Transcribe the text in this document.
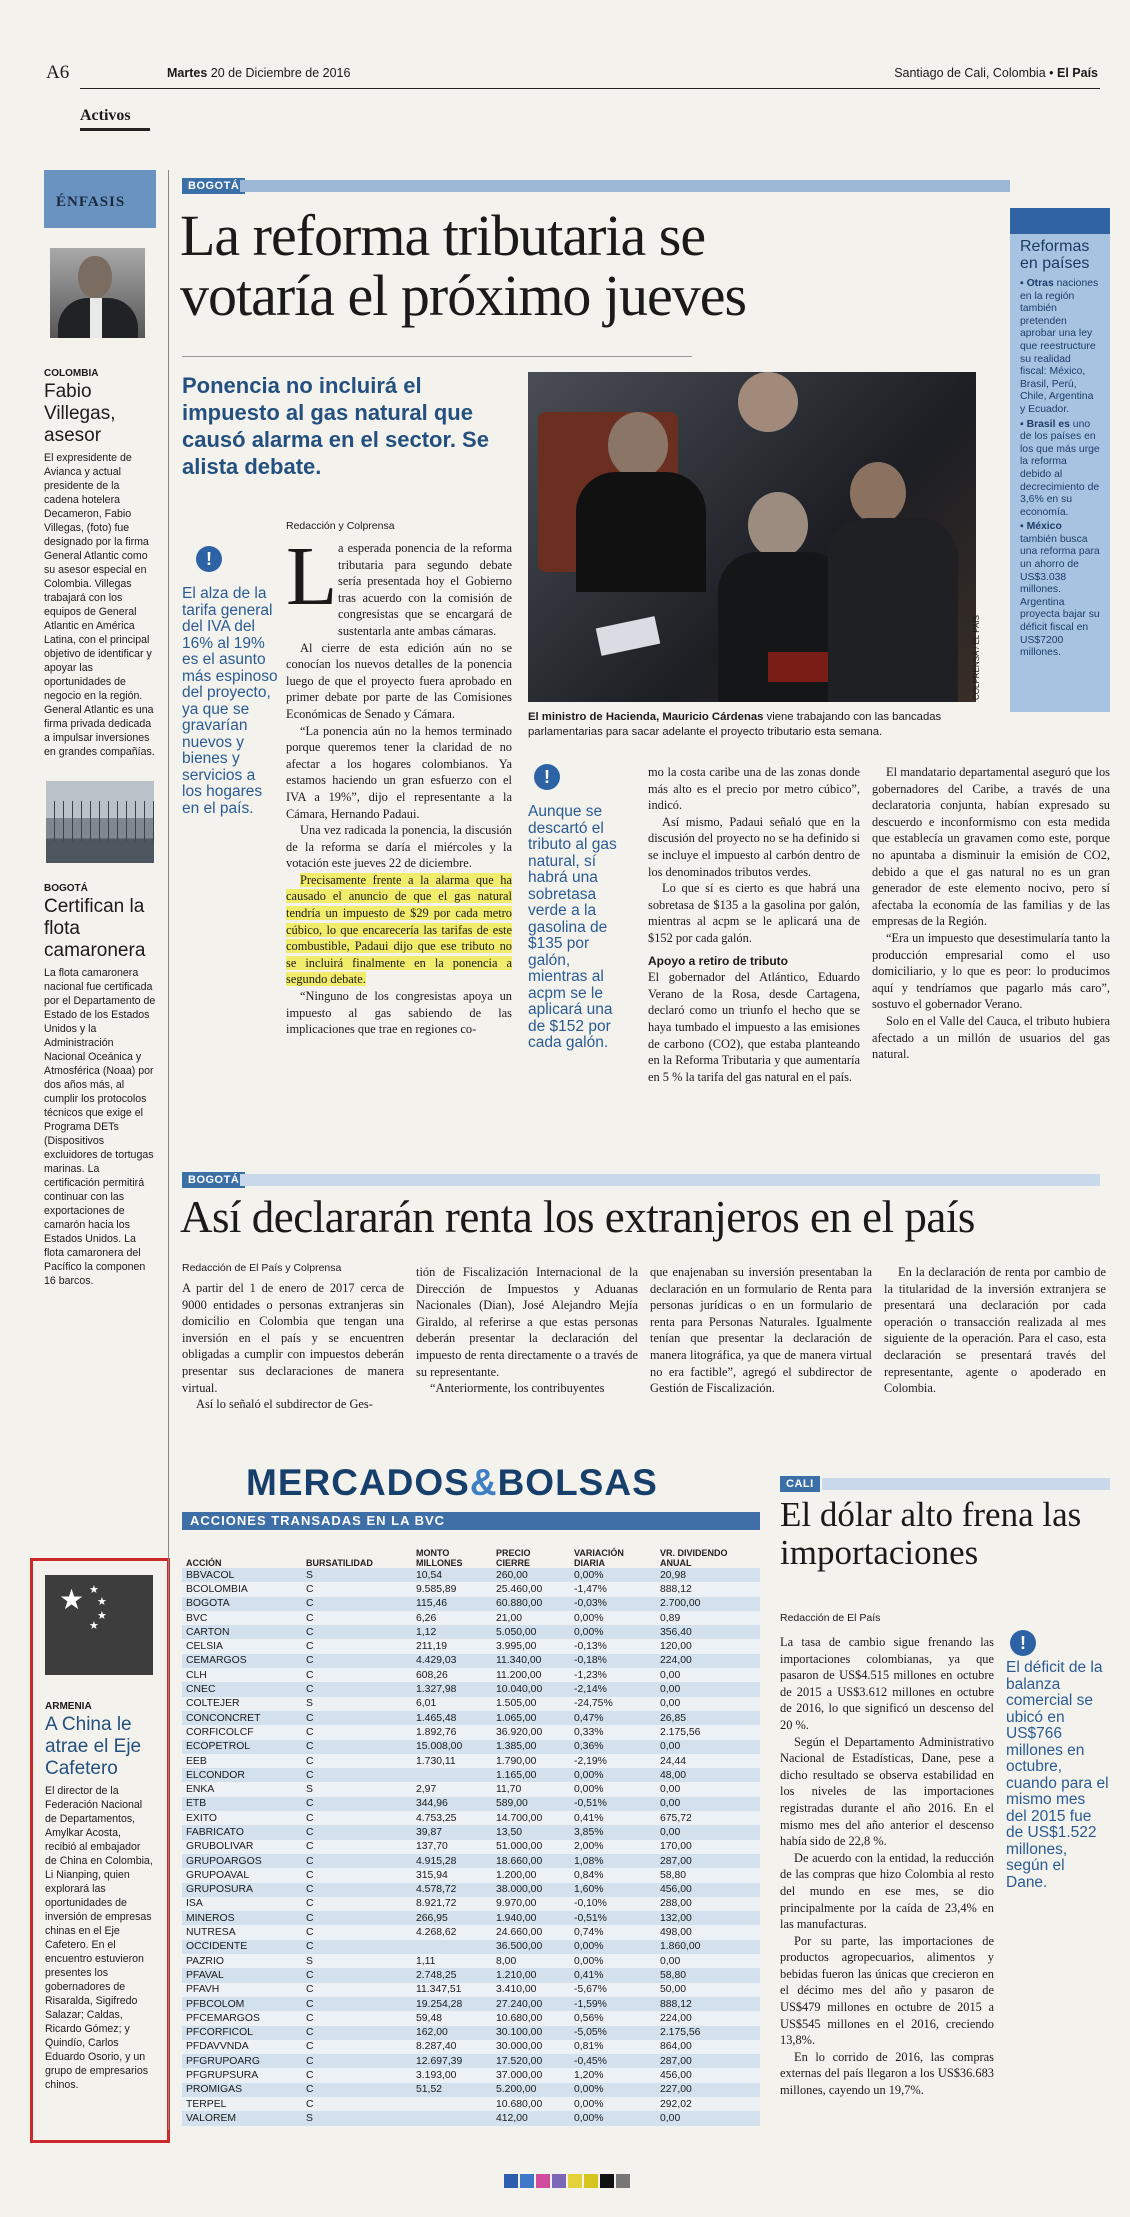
A6	Martes 20 de Diciembre de 2016	Santiago de Cali, Colombia • El País
Activos
ÉNFASIS
COLOMBIA
Fabio Villegas, asesor

El expresidente de Avianca y actual presidente de la cadena hotelera Decameron, Fabio Villegas, (foto) fue designado por la firma General Atlantic como su asesor especial en Colombia. Villegas trabajará con los equipos de General Atlantic en América Latina, con el principal objetivo de identificar y apoyar las oportunidades de negocio en la región. General Atlantic es una firma privada dedicada a impulsar inversiones en grandes compañías.

BOGOTÁ
Certifican la flota camaronera

La flota camaronera nacional fue certificada por el Departamento de Estado de los Estados Unidos y la Administración Nacional Oceánica y Atmosférica (Noaa) por dos años más, al cumplir los protocolos técnicos que exige el Programa DETs (Dispositivos excluidores de tortugas marinas. La certificación permitirá continuar con las exportaciones de camarón hacia los Estados Unidos. La flota camaronera del Pacífico la componen 16 barcos.

★ ★
★
★
★
ARMENIA
A China le atrae el Eje Cafetero

El director de la Federación Nacional de Departamentos, Amylkar Acosta, recibió al embajador de China en Colombia, Li Nianping, quien explorará las oportunidades de inversión de empresas chinas en el Eje Cafetero. En el encuentro estuvieron presentes los gobernadores de Risaralda, Sigifredo Salazar; Caldas, Ricardo Gómez; y Quindío, Carlos Eduardo Osorio, y un grupo de empresarios chinos.

BOGOTÁ
La reforma tributaria se
votaría el próximo jueves
Ponencia no incluirá el impuesto al gas natural que causó alarma en el sector. Se alista debate.
Redacción y Colprensa
!
El alza de la tarifa general del IVA del 16% al 19% es el asunto más espinoso del proyecto, ya que se gravarían nuevos y bienes y servicios a los hogares en el país.
L a esperada ponencia de la reforma tributaria para segundo debate sería presentada hoy el Gobierno tras acuerdo con la comisión de congresistas que se encargará de sustentarla ante ambas cámaras.

Al cierre de esta edición aún no se conocían los nuevos detalles de la ponencia luego de que el proyecto fuera aprobado en primer debate por parte de las Comisiones Económicas de Senado y Cámara.

“La ponencia aún no la hemos terminado porque queremos tener la claridad de no afectar a los hogares colombianos. Ya estamos haciendo un gran esfuerzo con el IVA a 19%”, dijo el representante a la Cámara, Hernando Padaui.

Una vez radicada la ponencia, la discusión de la reforma se daría el miércoles y la votación este jueves 22 de diciembre.

Precisamente frente a la alarma que ha causado el anuncio de que el gas natural tendría un impuesto de $29 por cada metro cúbico, lo que encarecería las tarifas de este combustible, Padaui dijo que ese tributo no se incluirá finalmente en la ponencia a segundo debate.

“Ninguno de los congresistas apoya un impuesto al gas sabiendo de las implicaciones que trae en regiones co-

COLPRENSA / EL PAÍS
El ministro de Hacienda, Mauricio Cárdenas viene trabajando con las bancadas parlamentarias para sacar adelante el proyecto tributario esta semana.
Reformas en países
▪ Otras naciones en la región también pretenden aprobar una ley que reestructure su realidad fiscal: México, Brasil, Perú, Chile, Argentina y Ecuador.
▪ Brasil es uno de los países en los que más urge la reforma debido al decrecimiento de 3,6% en su economía.
▪ México también busca una reforma para un ahorro de US$3.038 millones. Argentina proyecta bajar su déficit fiscal en US$7200 millones.
!
Aunque se descartó el tributo al gas natural, sí habrá una sobretasa verde a la gasolina de $135 por galón, mientras al acpm se le aplicará una de $152 por cada galón.

mo la costa caribe una de las zonas donde más alto es el precio por metro cúbico”, indicó.

Así mismo, Padaui señaló que en la discusión del proyecto no se ha definido si se incluye el impuesto al carbón dentro de los denominados tributos verdes.

Lo que sí es cierto es que habrá una sobretasa de $135 a la gasolina por galón, mientras al acpm se le aplicará una de $152 por cada galón.

Apoyo a retiro de tributo

El gobernador del Atlántico, Eduardo Verano de la Rosa, desde Cartagena, declaró como un triunfo el hecho que se haya tumbado el impuesto a las emisiones de carbono (CO2), que estaba planteando en la Reforma Tributaria y que aumentaría en 5 % la tarifa del gas natural en el país.

El mandatario departamental aseguró que los gobernadores del Caribe, a través de una declaratoria conjunta, habían expresado su descuerdo e inconformismo con esta medida que establecía un gravamen como este, porque no apuntaba a disminuir la emisión de CO2, debido a que el gas natural no es un gran generador de este elemento nocivo, pero sí afectaba la economía de las familias y de las empresas de la Región.

“Era un impuesto que desestimularía tanto la producción empresarial como el uso domiciliario, y lo que es peor: lo producimos aquí y tendríamos que pagarlo más caro”, sostuvo el gobernador Verano.

Solo en el Valle del Cauca, el tributo hubiera afectado a un millón de usuarios del gas natural.

BOGOTÁ
Así declararán renta los extranjeros en el país
Redacción de El País y Colprensa

A partir del 1 de enero de 2017 cerca de 9000 entidades o personas extranjeras sin domicilio en Colombia que tengan una inversión en el país y se encuentren obligadas a cumplir con impuestos deberán presentar sus declaraciones de manera virtual.

Así lo señaló el subdirector de Ges-

tión de Fiscalización Internacional de la Dirección de Impuestos y Aduanas Nacionales (Dian), José Alejandro Mejía Giraldo, al referirse a que estas personas deberán presentar la declaración del impuesto de renta directamente o a través de su representante.

“Anteriormente, los contribuyentes

que enajenaban su inversión presentaban la declaración en un formulario de Renta para personas jurídicas o en un formulario de renta para Personas Naturales. Igualmente tenían que presentar la declaración de manera litográfica, ya que de manera virtual no era factible”, agregó el subdirector de Gestión de Fiscalización.

En la declaración de renta por cambio de la titularidad de la inversión extranjera se presentará una declaración por cada operación o transacción realizada al mes siguiente de la operación. Para el caso, esta declaración se presentará través del representante, agente o apoderado en Colombia.

MERCADOS&BOLSAS
ACCIONES TRANSADAS EN LA BVC
ACCIÓN	BURSATILIDAD	MONTO MILLONES	PRECIO CIERRE	VARIACIÓN DIARIA	VR. DIVIDENDO ANUAL
BBVACOL	S	10,54	260,00	0,00%	20,98
BCOLOMBIA	C	9.585,89	25.460,00	-1,47%	888,12
BOGOTA	C	115,46	60.880,00	-0,03%	2.700,00
BVC	C	6,26	21,00	0,00%	0,89
CARTON	C	1,12	5.050,00	0,00%	356,40
CELSIA	C	211,19	3.995,00	-0,13%	120,00
CEMARGOS	C	4.429,03	11.340,00	-0,18%	224,00
CLH	C	608,26	11.200,00	-1,23%	0,00
CNEC	C	1.327,98	10.040,00	-2,14%	0,00
COLTEJER	S	6,01	1.505,00	-24,75%	0,00
CONCONCRET	C	1.465,48	1.065,00	0,47%	26,85
CORFICOLCF	C	1.892,76	36.920,00	0,33%	2.175,56
ECOPETROL	C	15.008,00	1.385,00	0,36%	0,00
EEB	C	1.730,11	1.790,00	-2,19%	24,44
ELCONDOR	C		1.165,00	0,00%	48,00
ENKA	S	2,97	11,70	0,00%	0,00
ETB	C	344,96	589,00	-0,51%	0,00
EXITO	C	4.753,25	14.700,00	0,41%	675,72
FABRICATO	C	39,87	13,50	3,85%	0,00
GRUBOLIVAR	C	137,70	51.000,00	2,00%	170,00
GRUPOARGOS	C	4.915,28	18.660,00	1,08%	287,00
GRUPOAVAL	C	315,94	1.200,00	0,84%	58,80
GRUPOSURA	C	4.578,72	38.000,00	1,60%	456,00
ISA	C	8.921,72	9.970,00	-0,10%	288,00
MINEROS	C	266,95	1.940,00	-0,51%	132,00
NUTRESA	C	4.268,62	24.660,00	0,74%	498,00
OCCIDENTE	C		36.500,00	0,00%	1.860,00
PAZRIO	S	1,11	8,00	0,00%	0,00
PFAVAL	C	2.748,25	1.210,00	0,41%	58,80
PFAVH	C	11.347,51	3.410,00	-5,67%	50,00
PFBCOLOM	C	19.254,28	27.240,00	-1,59%	888,12
PFCEMARGOS	C	59,48	10.680,00	0,56%	224,00
PFCORFICOL	C	162,00	30.100,00	-5,05%	2.175,56
PFDAVVNDA	C	8.287,40	30.000,00	0,81%	864,00
PFGRUPOARG	C	12.697,39	17.520,00	-0,45%	287,00
PFGRUPSURA	C	3.193,00	37.000,00	1,20%	456,00
PROMIGAS	C	51,52	5.200,00	0,00%	227,00
TERPEL	C		10.680,00	0,00%	292,02
VALOREM	S		412,00	0,00%	0,00
CALI
El dólar alto frena las importaciones
Redacción de El País

La tasa de cambio sigue frenando las importaciones colombianas, ya que pasaron de US$4.515 millones en octubre de 2015 a US$3.612 millones en octubre de 2016, lo que significó un descenso del 20 %.

Según el Departamento Administrativo Nacional de Estadísticas, Dane, pese a dicho resultado se observa estabilidad en los niveles de las importaciones registradas durante el año 2016. En el mismo mes del año anterior el descenso había sido de 22,8 %.

De acuerdo con la entidad, la reducción de las compras que hizo Colombia al resto del mundo en ese mes, se dio principalmente por la caída de 23,4% en las manufacturas.

Por su parte, las importaciones de productos agropecuarios, alimentos y bebidas fueron las únicas que crecieron en el décimo mes del año y pasaron de US$479 millones en octubre de 2015 a US$545 millones en el 2016, creciendo 13,8%.

En lo corrido de 2016, las compras externas del país llegaron a los US$36.683 millones, cayendo un 19,7%.

!
El déficit de la balanza comercial se ubicó en US$766 millones en octubre, cuando para el mismo mes del 2015 fue de US$1.522 millones, según el Dane.
